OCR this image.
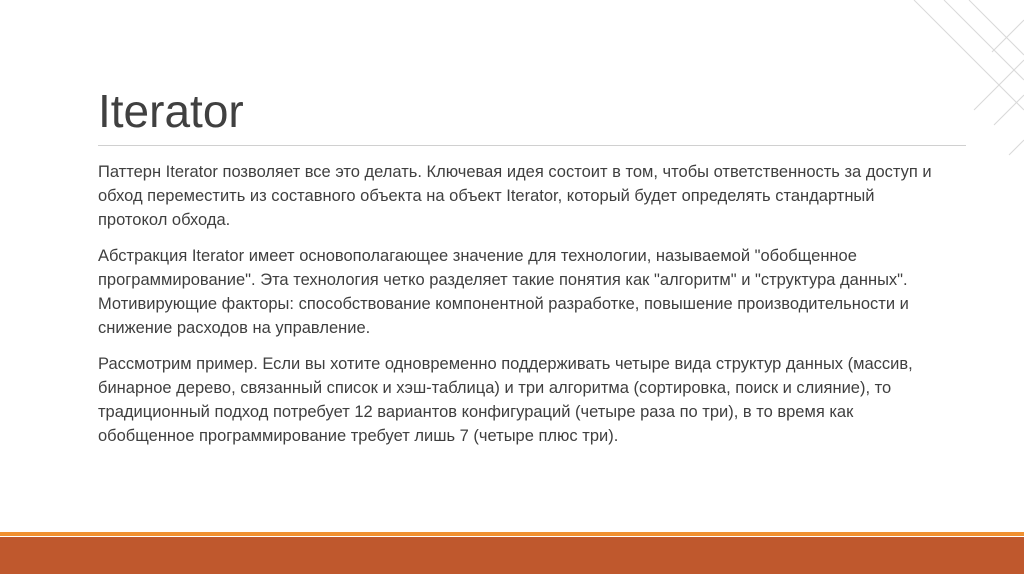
Iterator

Паттерн Iterator позволяет все это делать. Ключевая идея состоит в том, чтобы ответственность за доступ и обход переместить из составного объекта на объект Iterator, который будет определять стандартный протокол обхода.

Абстракция Iterator имеет основополагающее значение для технологии, называемой "обобщенное программирование". Эта технология четко разделяет такие понятия как "алгоритм" и "структура данных". Мотивирующие факторы: способствование компонентной разработке, повышение производительности и снижение расходов на управление.

Рассмотрим пример. Если вы хотите одновременно поддерживать четыре вида структур данных (массив, бинарное дерево, связанный список и хэш-таблица) и три алгоритма (сортировка, поиск и слияние), то традиционный подход потребует 12 вариантов конфигураций (четыре раза по три), в то время как обобщенное программирование требует лишь 7 (четыре плюс три).
